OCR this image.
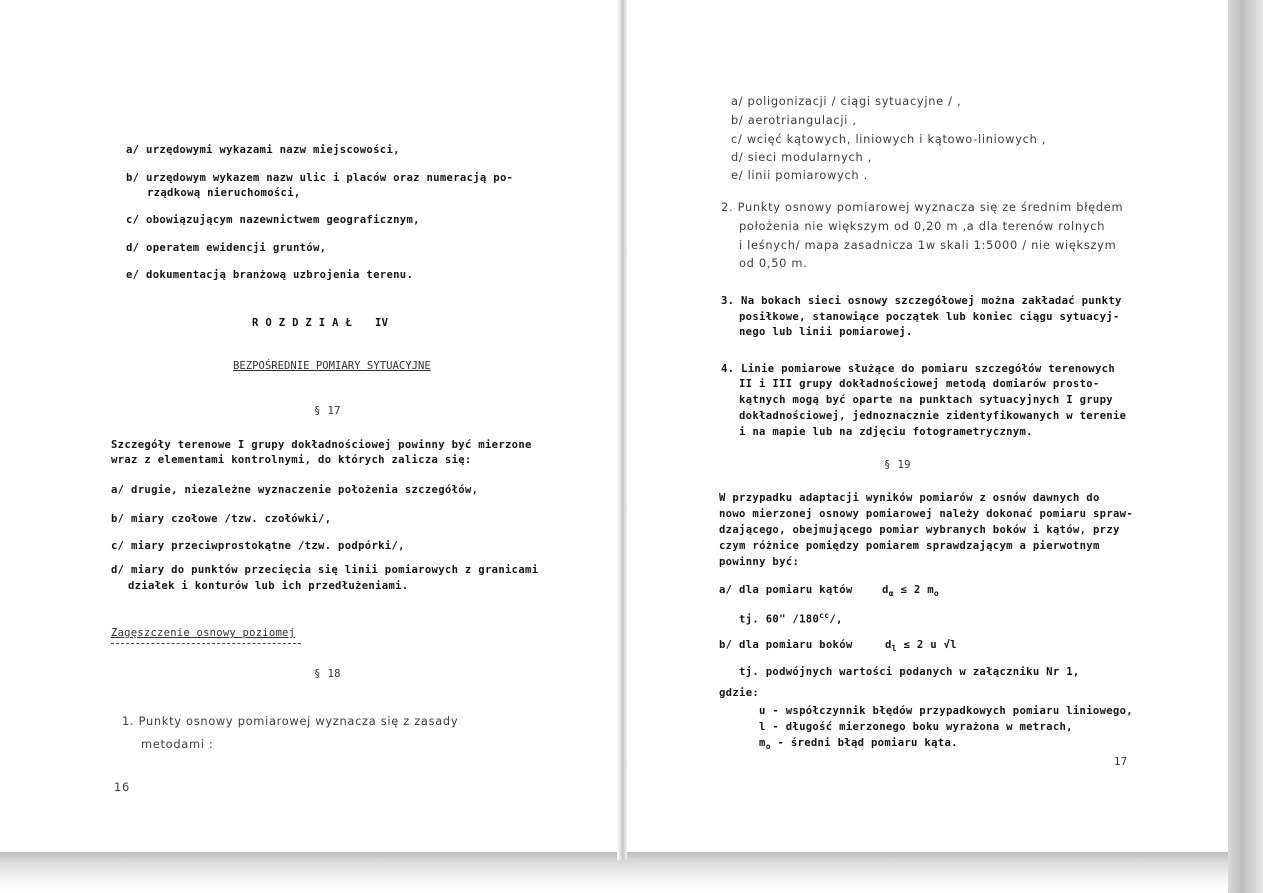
a/ urzędowymi wykazami nazw miejscowości,
b/ urzędowym wykazem nazw ulic i placów oraz numeracją po-
rządkową nieruchomości,
c/ obowiązującym nazewnictwem geograficznym,
d/ operatem ewidencji gruntów,
e/ dokumentacją branżową uzbrojenia terenu.
R O Z D Z I A Ł IV
BEZPOŚREDNIE POMIARY SYTUACYJNE
§ 17
Szczegóły terenowe I grupy dokładnościowej powinny być mierzone
wraz z elementami kontrolnymi, do których zalicza się:
a/ drugie, niezależne wyznaczenie położenia szczegółów,
b/ miary czołowe /tzw. czołówki/,
c/ miary przeciwprostokątne /tzw. podpórki/,
d/ miary do punktów przecięcia się linii pomiarowych z granicami
działek i konturów lub ich przedłużeniami.
Zagęszczenie osnowy poziomej
§ 18
1. Punkty osnowy pomiarowej wyznacza się z zasady
metodami :
16
a/ poligonizacji / ciągi sytuacyjne / ,
b/ aerotriangulacji ,
c/ wcięć kątowych, liniowych i kątowo-liniowych ,
d/ sieci modularnych ,
e/ linii pomiarowych .
2. Punkty osnowy pomiarowej wyznacza się ze średnim błędem
położenia nie większym od 0,20 m ,a dla terenów rolnych
i leśnych/ mapa zasadnicza 1w skali 1:5000 / nie większym
od 0,50 m.
3. Na bokach sieci osnowy szczegółowej można zakładać punkty
posiłkowe, stanowiące początek lub koniec ciągu sytuacyj-
nego lub linii pomiarowej.
4. Linie pomiarowe służące do pomiaru szczegółów terenowych
II i III grupy dokładnościowej metodą domiarów prosto-
kątnych mogą być oparte na punktach sytuacyjnych I grupy
dokładnościowej, jednoznacznie zidentyfikowanych w terenie
i na mapie lub na zdjęciu fotogrametrycznym.
§ 19
W przypadku adaptacji wyników pomiarów z osnów dawnych do
nowo mierzonej osnowy pomiarowej należy dokonać pomiaru spraw-
dzającego, obejmującego pomiar wybranych boków i kątów, przy
czym różnice pomiędzy pomiarem sprawdzającym a pierwotnym
powinny być:
a/ dla pomiaru kątów	$d_\alpha \le 2$ $m_o$
tj. 60" $/180^{cc}/$,
b/ dla pomiaru boków	$d_l \le 2$ u √l
tj. podwójnych wartości podanych w załączniku Nr 1,
gdzie:
u - współczynnik błędów przypadkowych pomiaru liniowego,
l - długość mierzonego boku wyrażona w metrach,
$m_o$ - średni błąd pomiaru kąta.
17
